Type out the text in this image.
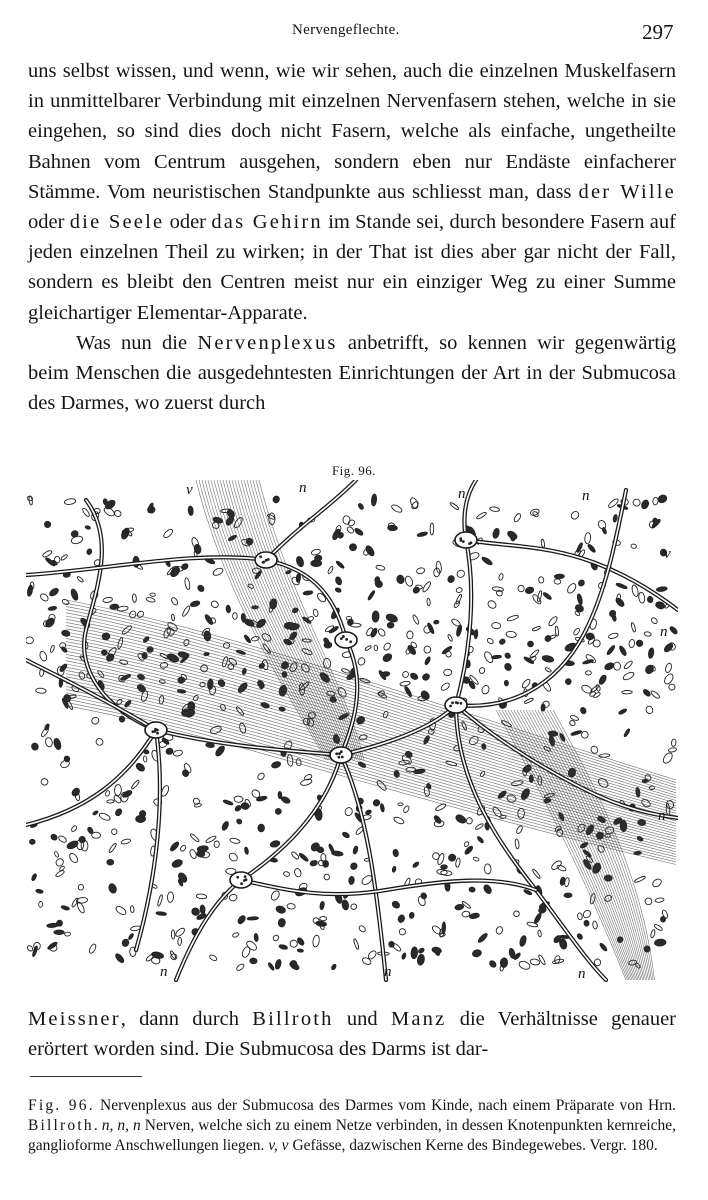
Nervengeflechte.	297

uns selbst wissen, und wenn, wie wir sehen, auch die einzelnen Muskelfasern in unmittelbarer Verbindung mit einzelnen Nervenfasern stehen, welche in sie eingehen, so sind dies doch nicht Fasern, welche als einfache, ungetheilte Bahnen vom Centrum ausgehen, sondern eben nur Endäste einfacherer Stämme. Vom neuristischen Standpunkte aus schliesst man, dass der Wille oder die Seele oder das Gehirn im Stande sei, durch besondere Fasern auf jeden einzelnen Theil zu wirken; in der That ist dies aber gar nicht der Fall, sondern es bleibt den Centren meist nur ein einziger Weg zu einer Summe gleichartiger Elementar-Apparate.

Was nun die Nervenplexus anbetrifft, so kennen wir gegenwärtig beim Menschen die ausgedehntesten Einrichtungen der Art in der Submucosa des Darmes, wo zuerst durch

Fig. 96.
v	n	n	n
v
n
n
n	n	n

Meissner, dann durch Billroth und Manz die Verhältnisse genauer erörtert worden sind. Die Submucosa des Darms ist dar-

Fig. 96. Nervenplexus aus der Submucosa des Darmes vom Kinde, nach einem Präparate von Hrn. Billroth. n, n, n Nerven, welche sich zu einem Netze verbinden, in dessen Knotenpunkten kernreiche, ganglioforme Anschwellungen liegen. v, v Gefässe, dazwischen Kerne des Bindegewebes. Vergr. 180.
